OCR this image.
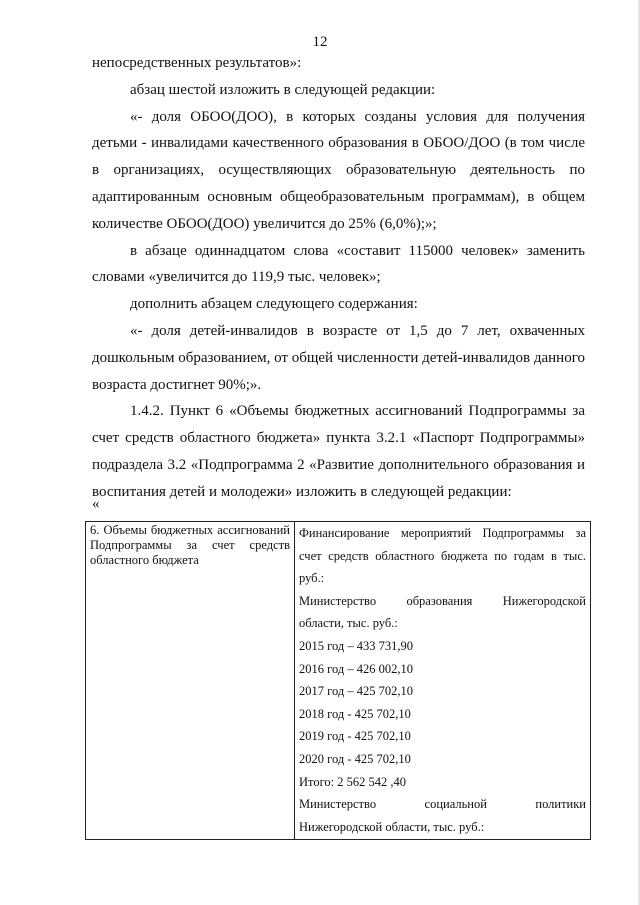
12

непосредственных результатов»:

абзац шестой изложить в следующей редакции:

«- доля ОБОО(ДОО), в которых созданы условия для получения детьми - инвалидами качественного образования в ОБОО/ДОО (в том числе в организациях, осуществляющих образовательную деятельность по адаптированным основным общеобразовательным программам), в общем количестве ОБОО(ДОО) увеличится до 25% (6,0%);»;

в абзаце одиннадцатом слова «составит 115000 человек» заменить словами «увеличится до 119,9 тыс. человек»;

дополнить абзацем следующего содержания:

«- доля детей-инвалидов в возрасте от 1,5 до 7 лет, охваченных дошкольным образованием, от общей численности детей-инвалидов данного возраста достигнет 90%;».

1.4.2. Пункт 6 «Объемы бюджетных ассигнований Подпрограммы за счет средств областного бюджета» пункта 3.2.1 «Паспорт Подпрограммы» подраздела 3.2 «Подпрограмма 2 «Развитие дополнительного образования и воспитания детей и молодежи» изложить в следующей редакции:

«
6. Объемы бюджетных ассигнований Подпрограммы за счет средств областного бюджета	
Финансирование мероприятий Подпрограммы за
счет средств областного бюджета по годам в тыс.
руб.:
Министерство образования Нижегородской
области, тыс. руб.:
2015 год – 433 731,90
2016 год – 426 002,10
2017 год – 425 702,10
2018 год - 425 702,10
2019 год - 425 702,10
2020 год - 425 702,10
Итого: 2 562 542 ,40
Министерство социальной политики
Нижегородской области, тыс. руб.:
